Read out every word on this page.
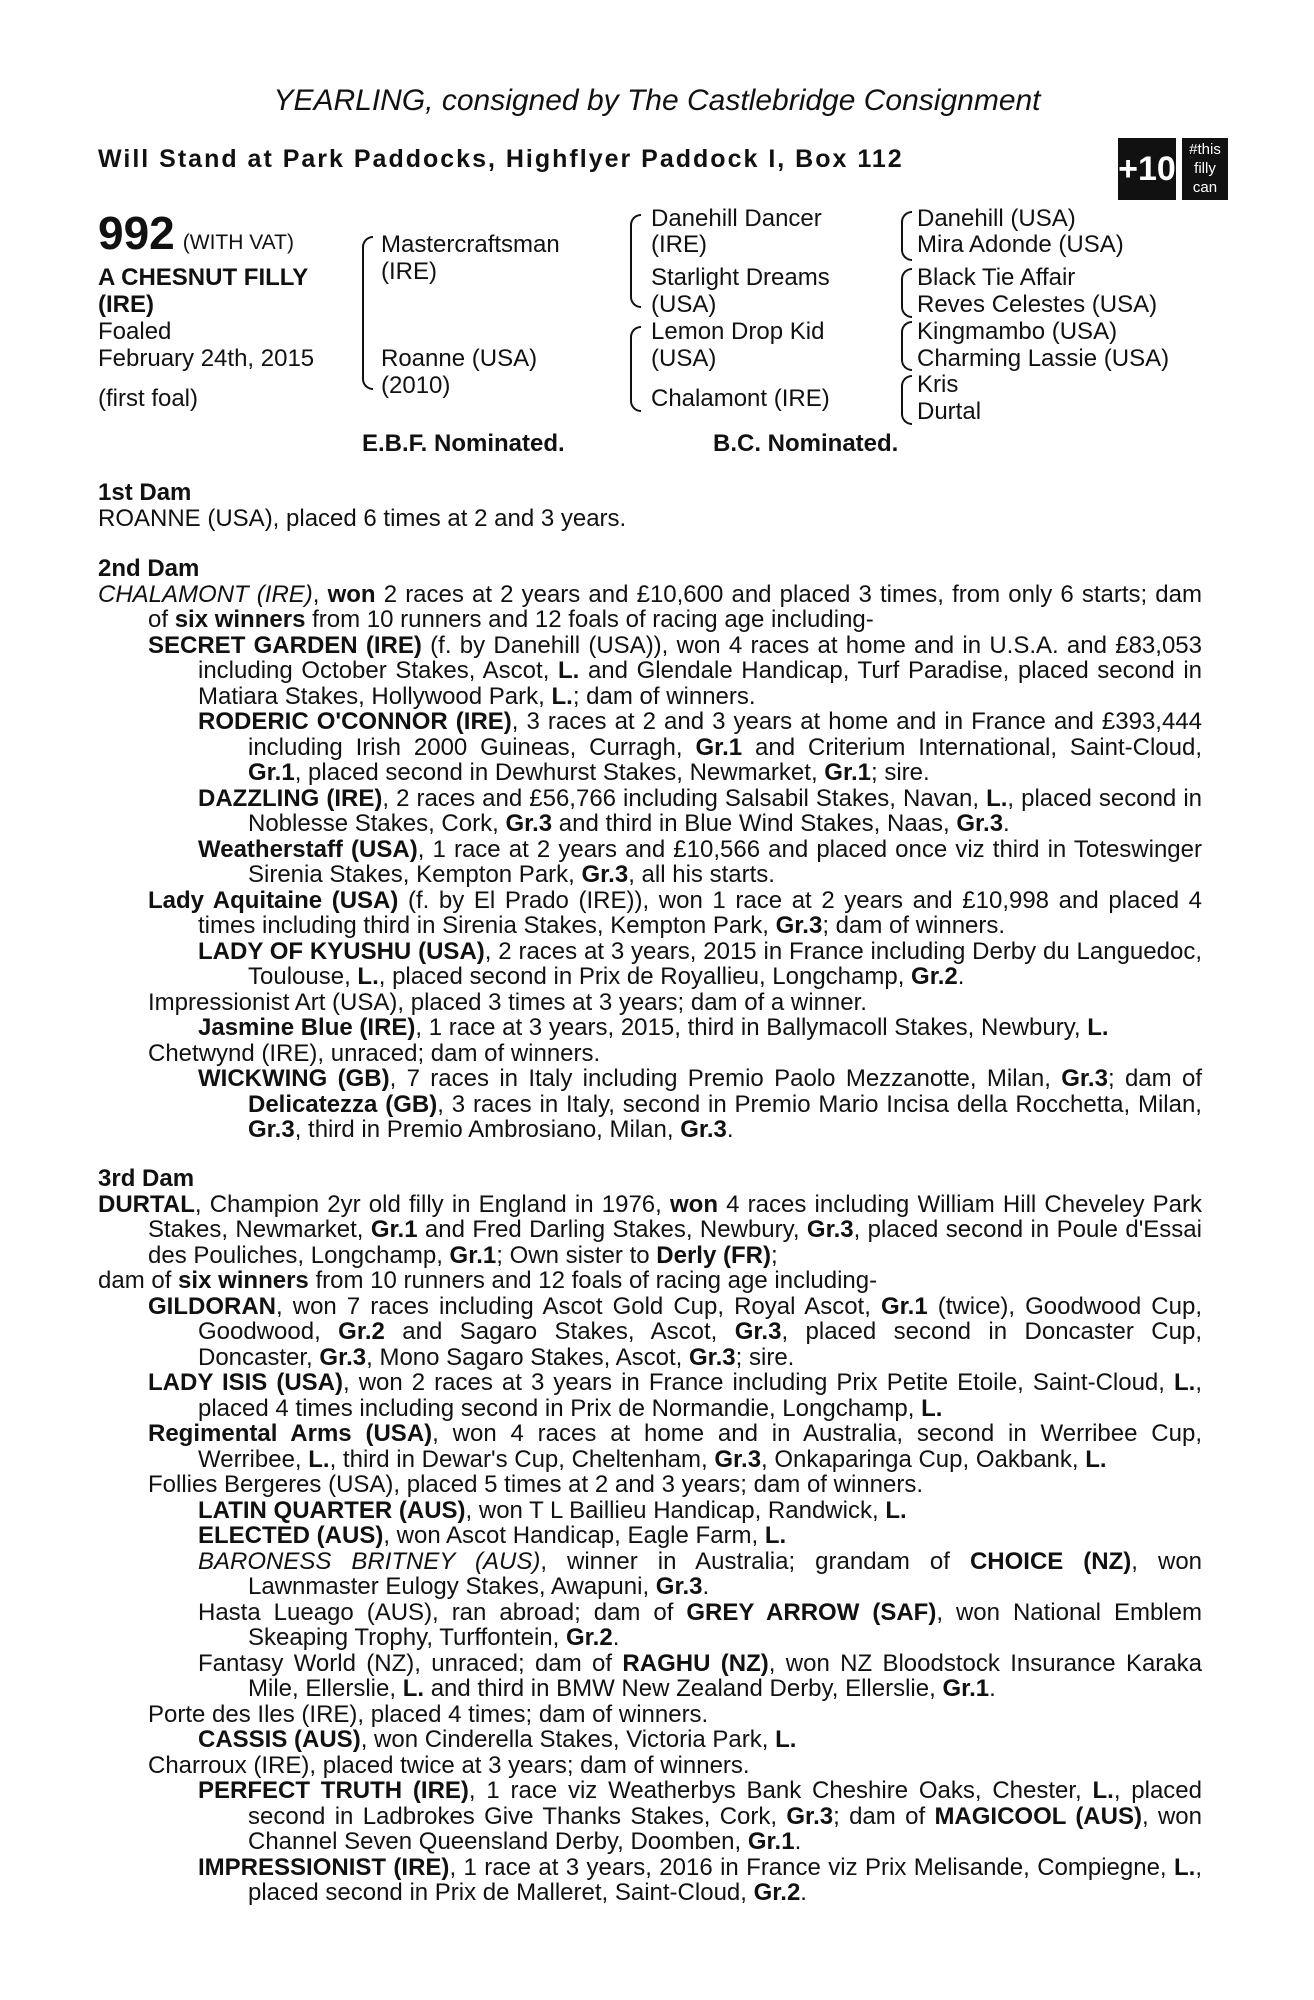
YEARLING, consigned by The Castlebridge Consignment
Will Stand at Park Paddocks, Highflyer Paddock I, Box 112	+10
#this
filly
can
992 (WITH VAT)
A CHESNUT FILLY
(IRE)
Foaled
February 24th, 2015
(first foal)
Mastercraftsman
(IRE)
Roanne (USA)
(2010)
Danehill Dancer
(IRE)
Starlight Dreams
(USA)
Lemon Drop Kid
(USA)
Chalamont (IRE)
Danehill (USA)
Mira Adonde (USA)
Black Tie Affair
Reves Celestes (USA)
Kingmambo (USA)
Charming Lassie (USA)
Kris
Durtal
E.B.F. Nominated.	B.C. Nominated.
1st Dam
ROANNE (USA), placed 6 times at 2 and 3 years.
2nd Dam
CHALAMONT (IRE), won 2 races at 2 years and £10,600 and placed 3 times, from only 6 starts; dam of six winners from 10 runners and 12 foals of racing age including-
SECRET GARDEN (IRE) (f. by Danehill (USA)), won 4 races at home and in U.S.A. and £83,053 including October Stakes, Ascot, L. and Glendale Handicap, Turf Paradise, placed second in Matiara Stakes, Hollywood Park, L.; dam of winners.
RODERIC O'CONNOR (IRE), 3 races at 2 and 3 years at home and in France and £393,444 including Irish 2000 Guineas, Curragh, Gr.1 and Criterium International, Saint-Cloud, Gr.1, placed second in Dewhurst Stakes, Newmarket, Gr.1; sire.
DAZZLING (IRE), 2 races and £56,766 including Salsabil Stakes, Navan, L., placed second in Noblesse Stakes, Cork, Gr.3 and third in Blue Wind Stakes, Naas, Gr.3.
Weatherstaff (USA), 1 race at 2 years and £10,566 and placed once viz third in Toteswinger Sirenia Stakes, Kempton Park, Gr.3, all his starts.
Lady Aquitaine (USA) (f. by El Prado (IRE)), won 1 race at 2 years and £10,998 and placed 4 times including third in Sirenia Stakes, Kempton Park, Gr.3; dam of winners.
LADY OF KYUSHU (USA), 2 races at 3 years, 2015 in France including Derby du Languedoc, Toulouse, L., placed second in Prix de Royallieu, Longchamp, Gr.2.
Impressionist Art (USA), placed 3 times at 3 years; dam of a winner.
Jasmine Blue (IRE), 1 race at 3 years, 2015, third in Ballymacoll Stakes, Newbury, L.
Chetwynd (IRE), unraced; dam of winners.
WICKWING (GB), 7 races in Italy including Premio Paolo Mezzanotte, Milan, Gr.3; dam of Delicatezza (GB), 3 races in Italy, second in Premio Mario Incisa della Rocchetta, Milan, Gr.3, third in Premio Ambrosiano, Milan, Gr.3.
3rd Dam
DURTAL, Champion 2yr old filly in England in 1976, won 4 races including William Hill Cheveley Park Stakes, Newmarket, Gr.1 and Fred Darling Stakes, Newbury, Gr.3, placed second in Poule d'Essai des Pouliches, Longchamp, Gr.1; Own sister to Derly (FR);
dam of six winners from 10 runners and 12 foals of racing age including-
GILDORAN, won 7 races including Ascot Gold Cup, Royal Ascot, Gr.1 (twice), Goodwood Cup, Goodwood, Gr.2 and Sagaro Stakes, Ascot, Gr.3, placed second in Doncaster Cup, Doncaster, Gr.3, Mono Sagaro Stakes, Ascot, Gr.3; sire.
LADY ISIS (USA), won 2 races at 3 years in France including Prix Petite Etoile, Saint-Cloud, L., placed 4 times including second in Prix de Normandie, Longchamp, L.
Regimental Arms (USA), won 4 races at home and in Australia, second in Werribee Cup, Werribee, L., third in Dewar's Cup, Cheltenham, Gr.3, Onkaparinga Cup, Oakbank, L.
Follies Bergeres (USA), placed 5 times at 2 and 3 years; dam of winners.
LATIN QUARTER (AUS), won T L Baillieu Handicap, Randwick, L.
ELECTED (AUS), won Ascot Handicap, Eagle Farm, L.
BARONESS BRITNEY (AUS), winner in Australia; grandam of CHOICE (NZ), won Lawnmaster Eulogy Stakes, Awapuni, Gr.3.
Hasta Lueago (AUS), ran abroad; dam of GREY ARROW (SAF), won National Emblem Skeaping Trophy, Turffontein, Gr.2.
Fantasy World (NZ), unraced; dam of RAGHU (NZ), won NZ Bloodstock Insurance Karaka Mile, Ellerslie, L. and third in BMW New Zealand Derby, Ellerslie, Gr.1.
Porte des Iles (IRE), placed 4 times; dam of winners.
CASSIS (AUS), won Cinderella Stakes, Victoria Park, L.
Charroux (IRE), placed twice at 3 years; dam of winners.
PERFECT TRUTH (IRE), 1 race viz Weatherbys Bank Cheshire Oaks, Chester, L., placed second in Ladbrokes Give Thanks Stakes, Cork, Gr.3; dam of MAGICOOL (AUS), won Channel Seven Queensland Derby, Doomben, Gr.1.
IMPRESSIONIST (IRE), 1 race at 3 years, 2016 in France viz Prix Melisande, Compiegne, L., placed second in Prix de Malleret, Saint-Cloud, Gr.2.
